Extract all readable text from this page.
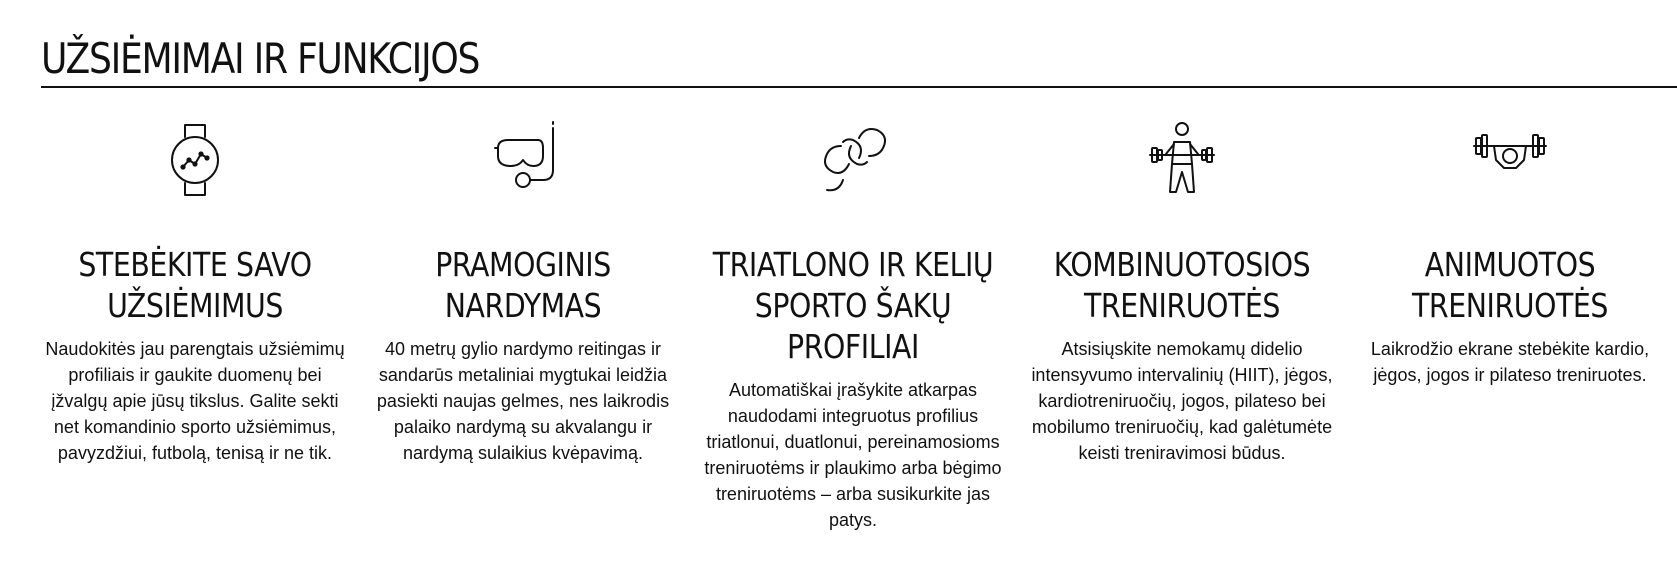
UŽSIĖMIMAI IR FUNKCIJOS
STEBĖKITE SAVO
UŽSIĖMIMUS

Naudokitės jau parengtais užsiėmimų profiliais ir gaukite duomenų bei įžvalgų apie jūsų tikslus. Galite sekti net komandinio sporto užsiėmimus, pavyzdžiui, futbolą, tenisą ir ne tik.

PRAMOGINIS
NARDYMAS

40 metrų gylio nardymo reitingas ir sandarūs metaliniai mygtukai leidžia pasiekti naujas gelmes, nes laikrodis palaiko nardymą su akvalangu ir nardymą sulaikius kvėpavimą.

TRIATLONO IR KELIŲ
SPORTO ŠAKŲ
PROFILIAI

Automatiškai įrašykite atkarpas naudodami integruotus profilius triatlonui, duatlonui, pereinamosioms treniruotėms ir plaukimo arba bėgimo treniruotėms – arba susikurkite jas patys.

KOMBINUOTOSIOS
TRENIRUOTĖS

Atsisiųskite nemokamų didelio intensyvumo intervalinių (HIIT), jėgos, kardiotreniruočių, jogos, pilateso bei mobilumo treniruočių, kad galėtumėte keisti treniravimosi būdus.

ANIMUOTOS
TRENIRUOTĖS

Laikrodžio ekrane stebėkite kardio, jėgos, jogos ir pilateso treniruotes.
